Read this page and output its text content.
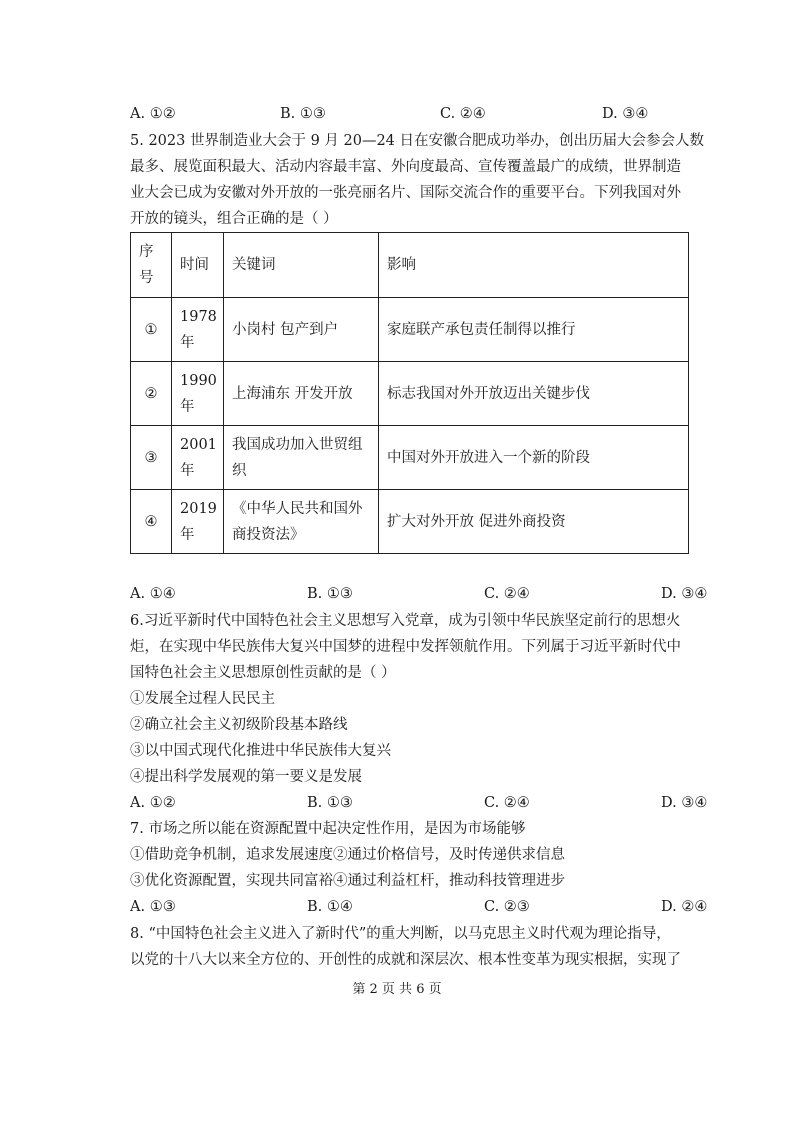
A. ①②	B. ①③	C. ②④	D. ③④
5. 2023 世界制造业大会于 9 月 20—24 日在安徽合肥成功举办，创出历届大会参会人数
最多、展览面积最大、活动内容最丰富、外向度最高、宣传覆盖最广的成绩，世界制造
业大会已成为安徽对外开放的一张亮丽名片、国际交流合作的重要平台。下列我国对外
开放的镜头，组合正确的是（ ）
序号	时间	关键词	影响
①	1978年	小岗村 包产到户	家庭联产承包责任制得以推行
②	1990年	上海浦东 开发开放	标志我国对外开放迈出关键步伐
③	2001年	我国成功加入世贸组织	中国对外开放进入一个新的阶段
④	2019年	《中华人民共和国外商投资法》	扩大对外开放 促进外商投资
A. ①④	B. ①③	C. ②④	D. ③④
6.习近平新时代中国特色社会主义思想写入党章，成为引领中华民族坚定前行的思想火
炬，在实现中华民族伟大复兴中国梦的进程中发挥领航作用。下列属于习近平新时代中
国特色社会主义思想原创性贡献的是（ ）
①发展全过程人民民主
②确立社会主义初级阶段基本路线
③以中国式现代化推进中华民族伟大复兴
④提出科学发展观的第一要义是发展
A. ①②	B. ①③	C. ②④	D. ③④
7. 市场之所以能在资源配置中起决定性作用，是因为市场能够
①借助竞争机制，追求发展速度②通过价格信号，及时传递供求信息
③优化资源配置，实现共同富裕④通过利益杠杆，推动科技管理进步
A. ①③	B. ①④	C. ②③	D. ②④
8. “中国特色社会主义进入了新时代”的重大判断，以马克思主义时代观为理论指导，
以党的十八大以来全方位的、开创性的成就和深层次、根本性变革为现实根据，实现了
第 2 页 共 6 页
